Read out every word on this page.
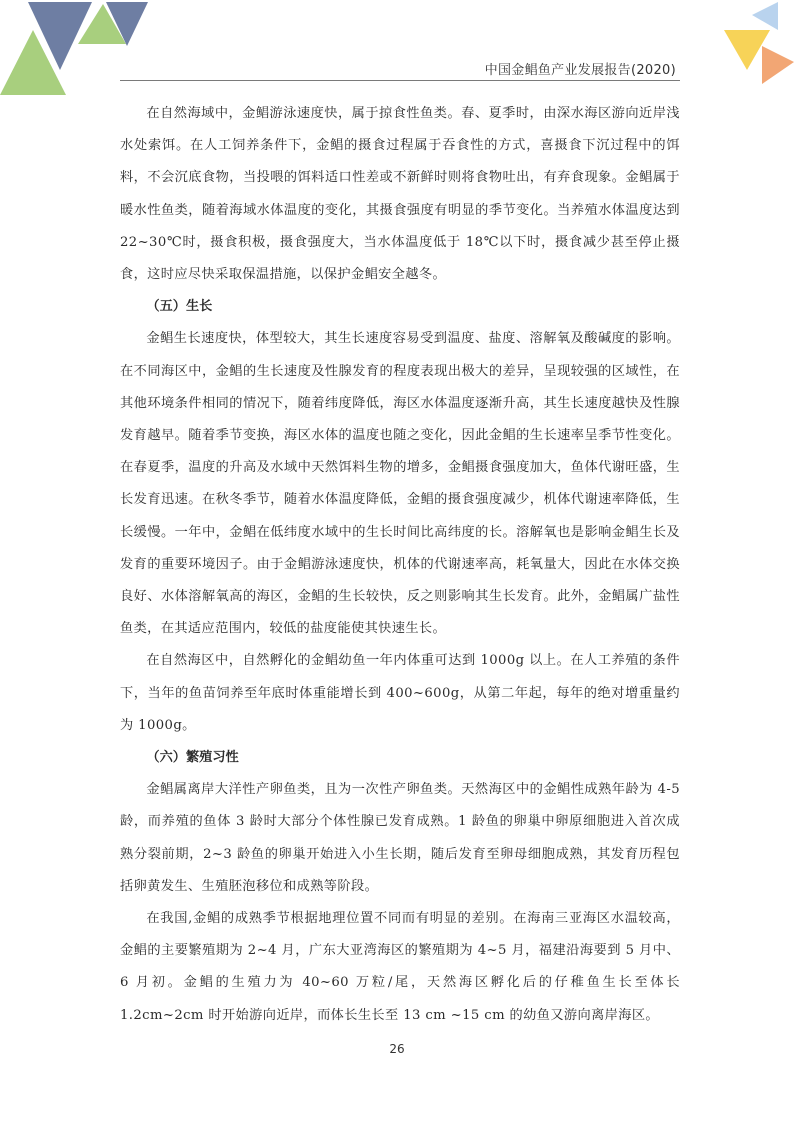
中国金鲳鱼产业发展报告(2020)

在自然海域中，金鲳游泳速度快，属于掠食性鱼类。春、夏季时，由深水海区游向近岸浅水处索饵。在人工饲养条件下，金鲳的摄食过程属于吞食性的方式，喜摄食下沉过程中的饵料，不会沉底食物，当投喂的饵料适口性差或不新鲜时则将食物吐出，有弃食现象。金鲳属于暖水性鱼类，随着海域水体温度的变化，其摄食强度有明显的季节变化。当养殖水体温度达到 22~30℃时，摄食积极，摄食强度大，当水体温度低于 18℃以下时，摄食减少甚至停止摄食，这时应尽快采取保温措施，以保护金鲳安全越冬。

（五）生长

金鲳生长速度快，体型较大，其生长速度容易受到温度、盐度、溶解氧及酸碱度的影响。在不同海区中，金鲳的生长速度及性腺发育的程度表现出极大的差异，呈现较强的区域性，在其他环境条件相同的情况下，随着纬度降低，海区水体温度逐渐升高，其生长速度越快及性腺发育越早。随着季节变换，海区水体的温度也随之变化，因此金鲳的生长速率呈季节性变化。在春夏季，温度的升高及水域中天然饵料生物的增多，金鲳摄食强度加大，鱼体代谢旺盛，生长发育迅速。在秋冬季节，随着水体温度降低，金鲳的摄食强度减少，机体代谢速率降低，生长缓慢。一年中，金鲳在低纬度水域中的生长时间比高纬度的长。溶解氧也是影响金鲳生长及发育的重要环境因子。由于金鲳游泳速度快，机体的代谢速率高，耗氧量大，因此在水体交换良好、水体溶解氧高的海区，金鲳的生长较快，反之则影响其生长发育。此外，金鲳属广盐性鱼类，在其适应范围内，较低的盐度能使其快速生长。

在自然海区中，自然孵化的金鲳幼鱼一年内体重可达到 1000g 以上。在人工养殖的条件下，当年的鱼苗饲养至年底时体重能增长到 400~600g，从第二年起，每年的绝对增重量约为 1000g。

（六）繁殖习性

金鲳属离岸大洋性产卵鱼类，且为一次性产卵鱼类。天然海区中的金鲳性成熟年龄为 4-5 龄，而养殖的鱼体 3 龄时大部分个体性腺已发育成熟。1 龄鱼的卵巢中卵原细胞进入首次成熟分裂前期，2~3 龄鱼的卵巢开始进入小生长期，随后发育至卵母细胞成熟，其发育历程包括卵黄发生、生殖胚泡移位和成熟等阶段。

在我国,金鲳的成熟季节根据地理位置不同而有明显的差别。在海南三亚海区水温较高，金鲳的主要繁殖期为 2~4 月，广东大亚湾海区的繁殖期为 4~5 月，福建沿海要到 5 月中、6 月初。金鲳的生殖力为 40~60 万粒/尾，天然海区孵化后的仔稚鱼生长至体长 1.2cm~2cm 时开始游向近岸，而体长生长至 13 cm ~15 cm 的幼鱼又游向离岸海区。

26
